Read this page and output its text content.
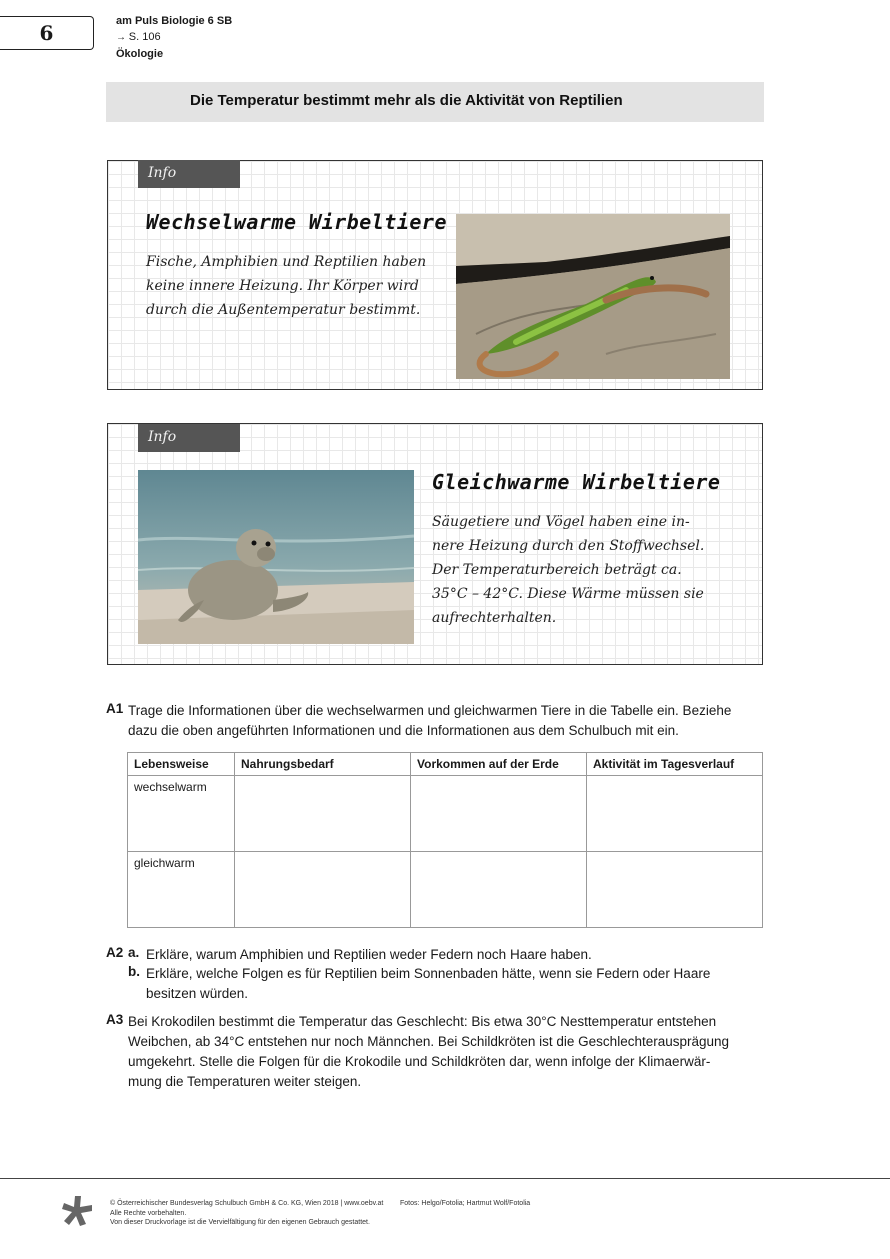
6	am Puls Biologie 6 SB
→ S. 106
Ökologie
Die Temperatur bestimmt mehr als die Aktivität von Reptilien
Info
Wechselwarme Wirbeltiere
Fische, Amphibien und Reptilien haben
keine innere Heizung. Ihr Körper wird
durch die Außentemperatur bestimmt.
Info
Gleichwarme Wirbeltiere
Säugetiere und Vögel haben eine in-
nere Heizung durch den Stoffwechsel.
Der Temperaturbereich beträgt ca.
35°C – 42°C. Diese Wärme müssen sie
aufrechterhalten.
A1 Trage die Informationen über die wechselwarmen und gleichwarmen Tiere in die Tabelle ein. Beziehe
dazu die oben angeführten Informationen und die Informationen aus dem Schulbuch mit ein.
Lebensweise	Nahrungsbedarf	Vorkommen auf der Erde	Aktivität im Tagesverlauf
wechselwarm			
gleichwarm			
A2 a. Erkläre, warum Amphibien und Reptilien weder Federn noch Haare haben.
b. Erkläre, welche Folgen es für Reptilien beim Sonnenbaden hätte, wenn sie Federn oder Haare
besitzen würden.
A3 Bei Krokodilen bestimmt die Temperatur das Geschlecht: Bis etwa 30°C Nesttemperatur entstehen
Weibchen, ab 34°C entstehen nur noch Männchen. Bei Schildkröten ist die Geschlechterausprägung
umgekehrt. Stelle die Folgen für die Krokodile und Schildkröten dar, wenn infolge der Klimaerwär-
mung die Temperaturen weiter steigen.
© Österreichischer Bundesverlag Schulbuch GmbH & Co. KG, Wien 2018 | www.oebv.at
Alle Rechte vorbehalten.
Von dieser Druckvorlage ist die Vervielfältigung für den eigenen Gebrauch gestattet.
Fotos: Helgo/Fotolia; Hartmut Wolf/Fotolia
